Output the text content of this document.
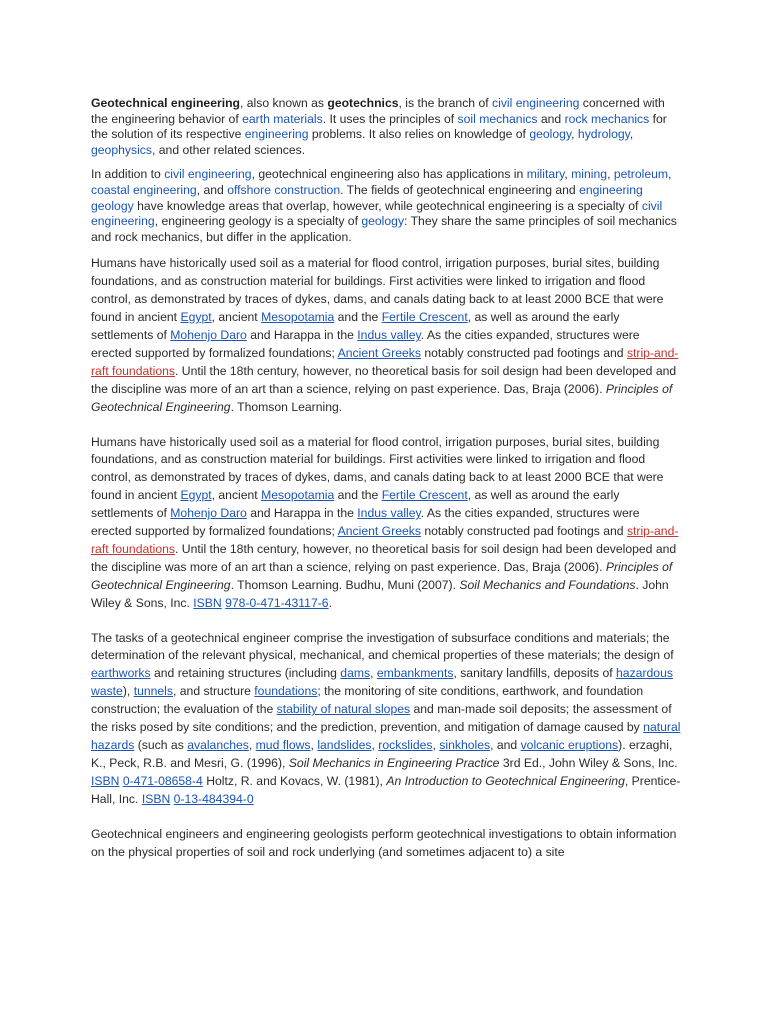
Geotechnical engineering, also known as geotechnics, is the branch of civil engineering concerned with the engineering behavior of earth materials. It uses the principles of soil mechanics and rock mechanics for the solution of its respective engineering problems. It also relies on knowledge of geology, hydrology, geophysics, and other related sciences.

In addition to civil engineering, geotechnical engineering also has applications in military, mining, petroleum, coastal engineering, and offshore construction. The fields of geotechnical engineering and engineering geology have knowledge areas that overlap, however, while geotechnical engineering is a specialty of civil engineering, engineering geology is a specialty of geology: They share the same principles of soil mechanics and rock mechanics, but differ in the application.

Humans have historically used soil as a material for flood control, irrigation purposes, burial sites, building foundations, and as construction material for buildings. First activities were linked to irrigation and flood control, as demonstrated by traces of dykes, dams, and canals dating back to at least 2000 BCE that were found in ancient Egypt, ancient Mesopotamia and the Fertile Crescent, as well as around the early settlements of Mohenjo Daro and Harappa in the Indus valley. As the cities expanded, structures were erected supported by formalized foundations; Ancient Greeks notably constructed pad footings and strip-and-raft foundations. Until the 18th century, however, no theoretical basis for soil design had been developed and the discipline was more of an art than a science, relying on past experience. Das, Braja (2006). Principles of Geotechnical Engineering. Thomson Learning.

Humans have historically used soil as a material for flood control, irrigation purposes, burial sites, building foundations, and as construction material for buildings. First activities were linked to irrigation and flood control, as demonstrated by traces of dykes, dams, and canals dating back to at least 2000 BCE that were found in ancient Egypt, ancient Mesopotamia and the Fertile Crescent, as well as around the early settlements of Mohenjo Daro and Harappa in the Indus valley. As the cities expanded, structures were erected supported by formalized foundations; Ancient Greeks notably constructed pad footings and strip-and-raft foundations. Until the 18th century, however, no theoretical basis for soil design had been developed and the discipline was more of an art than a science, relying on past experience. Das, Braja (2006). Principles of Geotechnical Engineering. Thomson Learning. Budhu, Muni (2007). Soil Mechanics and Foundations. John Wiley & Sons, Inc. ISBN 978-0-471-43117-6.

The tasks of a geotechnical engineer comprise the investigation of subsurface conditions and materials; the determination of the relevant physical, mechanical, and chemical properties of these materials; the design of earthworks and retaining structures (including dams, embankments, sanitary landfills, deposits of hazardous waste), tunnels, and structure foundations; the monitoring of site conditions, earthwork, and foundation construction; the evaluation of the stability of natural slopes and man-made soil deposits; the assessment of the risks posed by site conditions; and the prediction, prevention, and mitigation of damage caused by natural hazards (such as avalanches, mud flows, landslides, rockslides, sinkholes, and volcanic eruptions). erzaghi, K., Peck, R.B. and Mesri, G. (1996), Soil Mechanics in Engineering Practice 3rd Ed., John Wiley & Sons, Inc. ISBN 0-471-08658-4 Holtz, R. and Kovacs, W. (1981), An Introduction to Geotechnical Engineering, Prentice-Hall, Inc. ISBN 0-13-484394-0

Geotechnical engineers and engineering geologists perform geotechnical investigations to obtain information on the physical properties of soil and rock underlying (and sometimes adjacent to) a site
